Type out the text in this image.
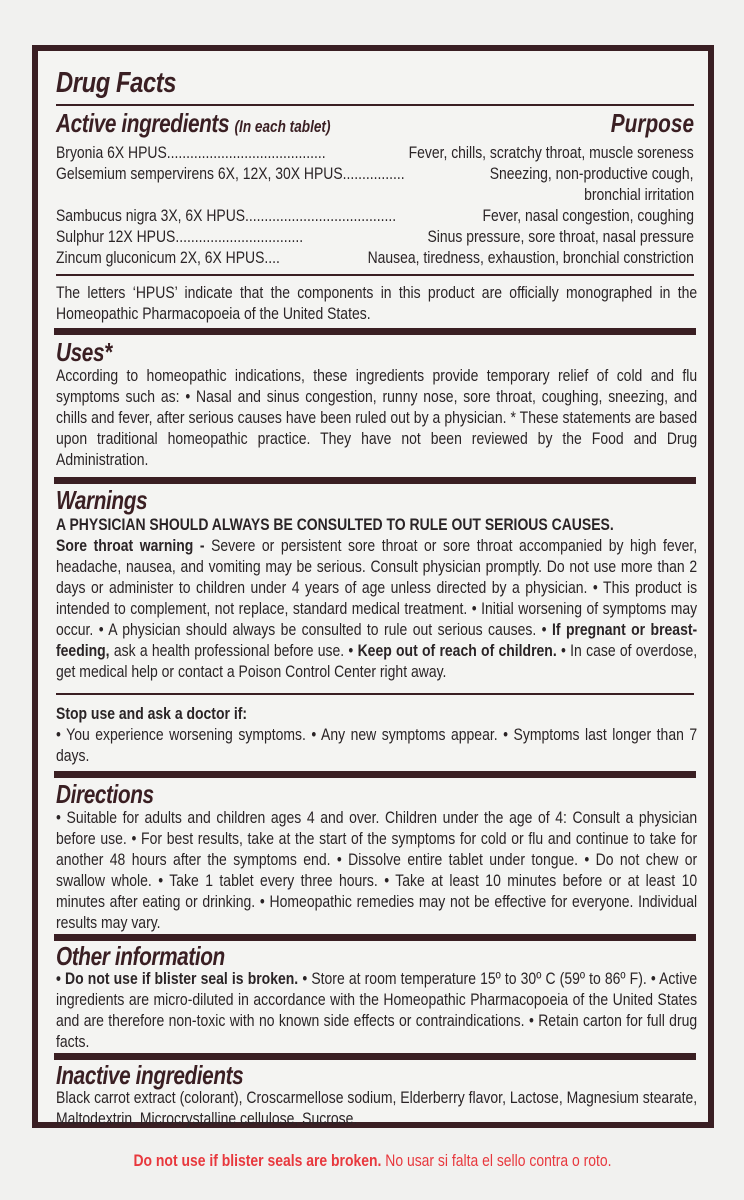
Drug Facts
Active ingredients (In each tablet)	Purpose
Bryonia 6X HPUS.........................................	Fever, chills, scratchy throat, muscle soreness
Gelsemium sempervirens 6X, 12X, 30X HPUS................	Sneezing, non-productive cough,
bronchial irritation
Sambucus nigra 3X, 6X HPUS.......................................	Fever, nasal congestion, coughing
Sulphur 12X HPUS.................................	Sinus pressure, sore throat, nasal pressure
Zincum gluconicum 2X, 6X HPUS....	Nausea, tiredness, exhaustion, bronchial constriction
The letters ‘HPUS’ indicate that the components in this product are officially monographed in the Homeopathic Pharmacopoeia of the United States.
Uses*
According to homeopathic indications, these ingredients provide temporary relief of cold and flu symptoms such as: • Nasal and sinus congestion, runny nose, sore throat, coughing, sneezing, and chills and fever, after serious causes have been ruled out by a physician. * These statements are based upon traditional homeopathic practice. They have not been reviewed by the Food and Drug Administration.
Warnings
A PHYSICIAN SHOULD ALWAYS BE CONSULTED TO RULE OUT SERIOUS CAUSES.
Sore throat warning - Severe or persistent sore throat or sore throat accompanied by high fever, headache, nausea, and vomiting may be serious. Consult physician promptly. Do not use more than 2 days or administer to children under 4 years of age unless directed by a physician. • This product is intended to complement, not replace, standard medical treatment. • Initial worsening of symptoms may occur. • A physician should always be consulted to rule out serious causes. • If pregnant or breast-feeding, ask a health professional before use. • Keep out of reach of children. • In case of overdose, get medical help or contact a Poison Control Center right away.
Stop use and ask a doctor if:
• You experience worsening symptoms. • Any new symptoms appear. • Symptoms last longer than 7 days.
Directions
• Suitable for adults and children ages 4 and over. Children under the age of 4: Consult a physician before use. • For best results, take at the start of the symptoms for cold or flu and continue to take for another 48 hours after the symptoms end. • Dissolve entire tablet under tongue. • Do not chew or swallow whole. • Take 1 tablet every three hours. • Take at least 10 minutes before or at least 10 minutes after eating or drinking. • Homeopathic remedies may not be effective for everyone. Individual results may vary.
Other information
• Do not use if blister seal is broken. • Store at room temperature 15º to 30º C (59º to 86º F). • Active ingredients are micro-diluted in accordance with the Homeopathic Pharmacopoeia of the United States and are therefore non-toxic with no known side effects or contraindications. • Retain carton for full drug facts.
Inactive ingredients
Black carrot extract (colorant), Croscarmellose sodium, Elderberry flavor, Lactose, Magnesium stearate, Maltodextrin, Microcrystalline cellulose, Sucrose.
Do not use if blister seals are broken. No usar si falta el sello contra o roto.
